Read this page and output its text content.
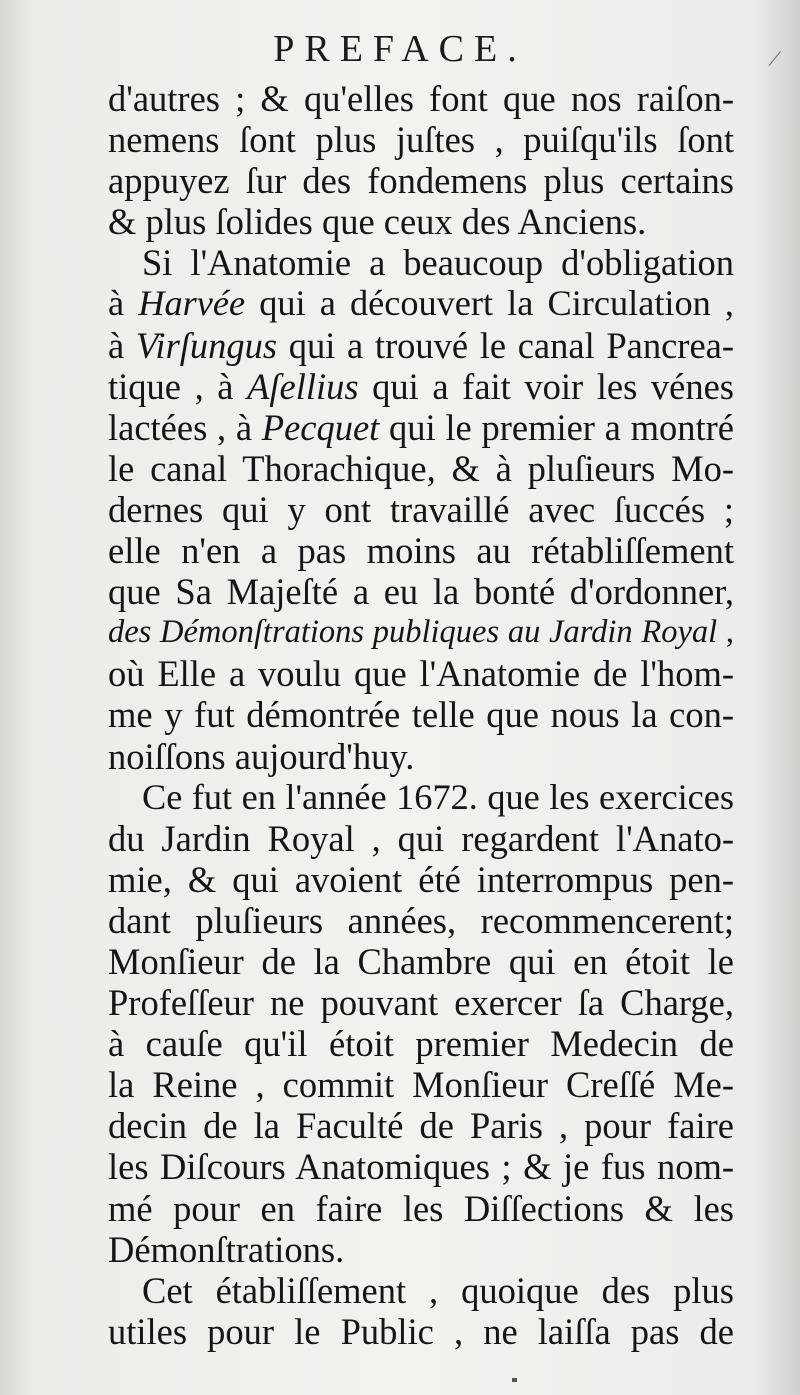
PREFACE.	/
d'autres ; & qu'elles font que nos raiſon-
nemens ſont plus juſtes , puiſqu'ils ſont
appuyez ſur des fondemens plus certains
& plus ſolides que ceux des Anciens.
Si l'Anatomie a beaucoup d'obligation
à Harvée qui a découvert la Circulation ,
à Virſungus qui a trouvé le canal Pancrea-
tique , à Aſellius qui a fait voir les vénes
lactées , à Pecquet qui le premier a montré
le canal Thorachique, & à pluſieurs Mo-
dernes qui y ont travaillé avec ſuccés ;
elle n'en a pas moins au rétabliſſement
que Sa Majeſté a eu la bonté d'ordonner,
des Démonſtrations publiques au Jardin Royal ,
où Elle a voulu que l'Anatomie de l'hom-
me y fut démontrée telle que nous la con-
noiſſons aujourd'huy.
Ce fut en l'année 1672. que les exercices
du Jardin Royal , qui regardent l'Anato-
mie, & qui avoient été interrompus pen-
dant pluſieurs années, recommencerent;
Monſieur de la Chambre qui en étoit le
Profeſſeur ne pouvant exercer ſa Charge,
à cauſe qu'il étoit premier Medecin de
la Reine , commit Monſieur Creſſé Me-
decin de la Faculté de Paris , pour faire
les Diſcours Anatomiques ; & je fus nom-
mé pour en faire les Diſſections & les
Démonſtrations.
Cet établiſſement , quoique des plus
utiles pour le Public , ne laiſſa pas de
